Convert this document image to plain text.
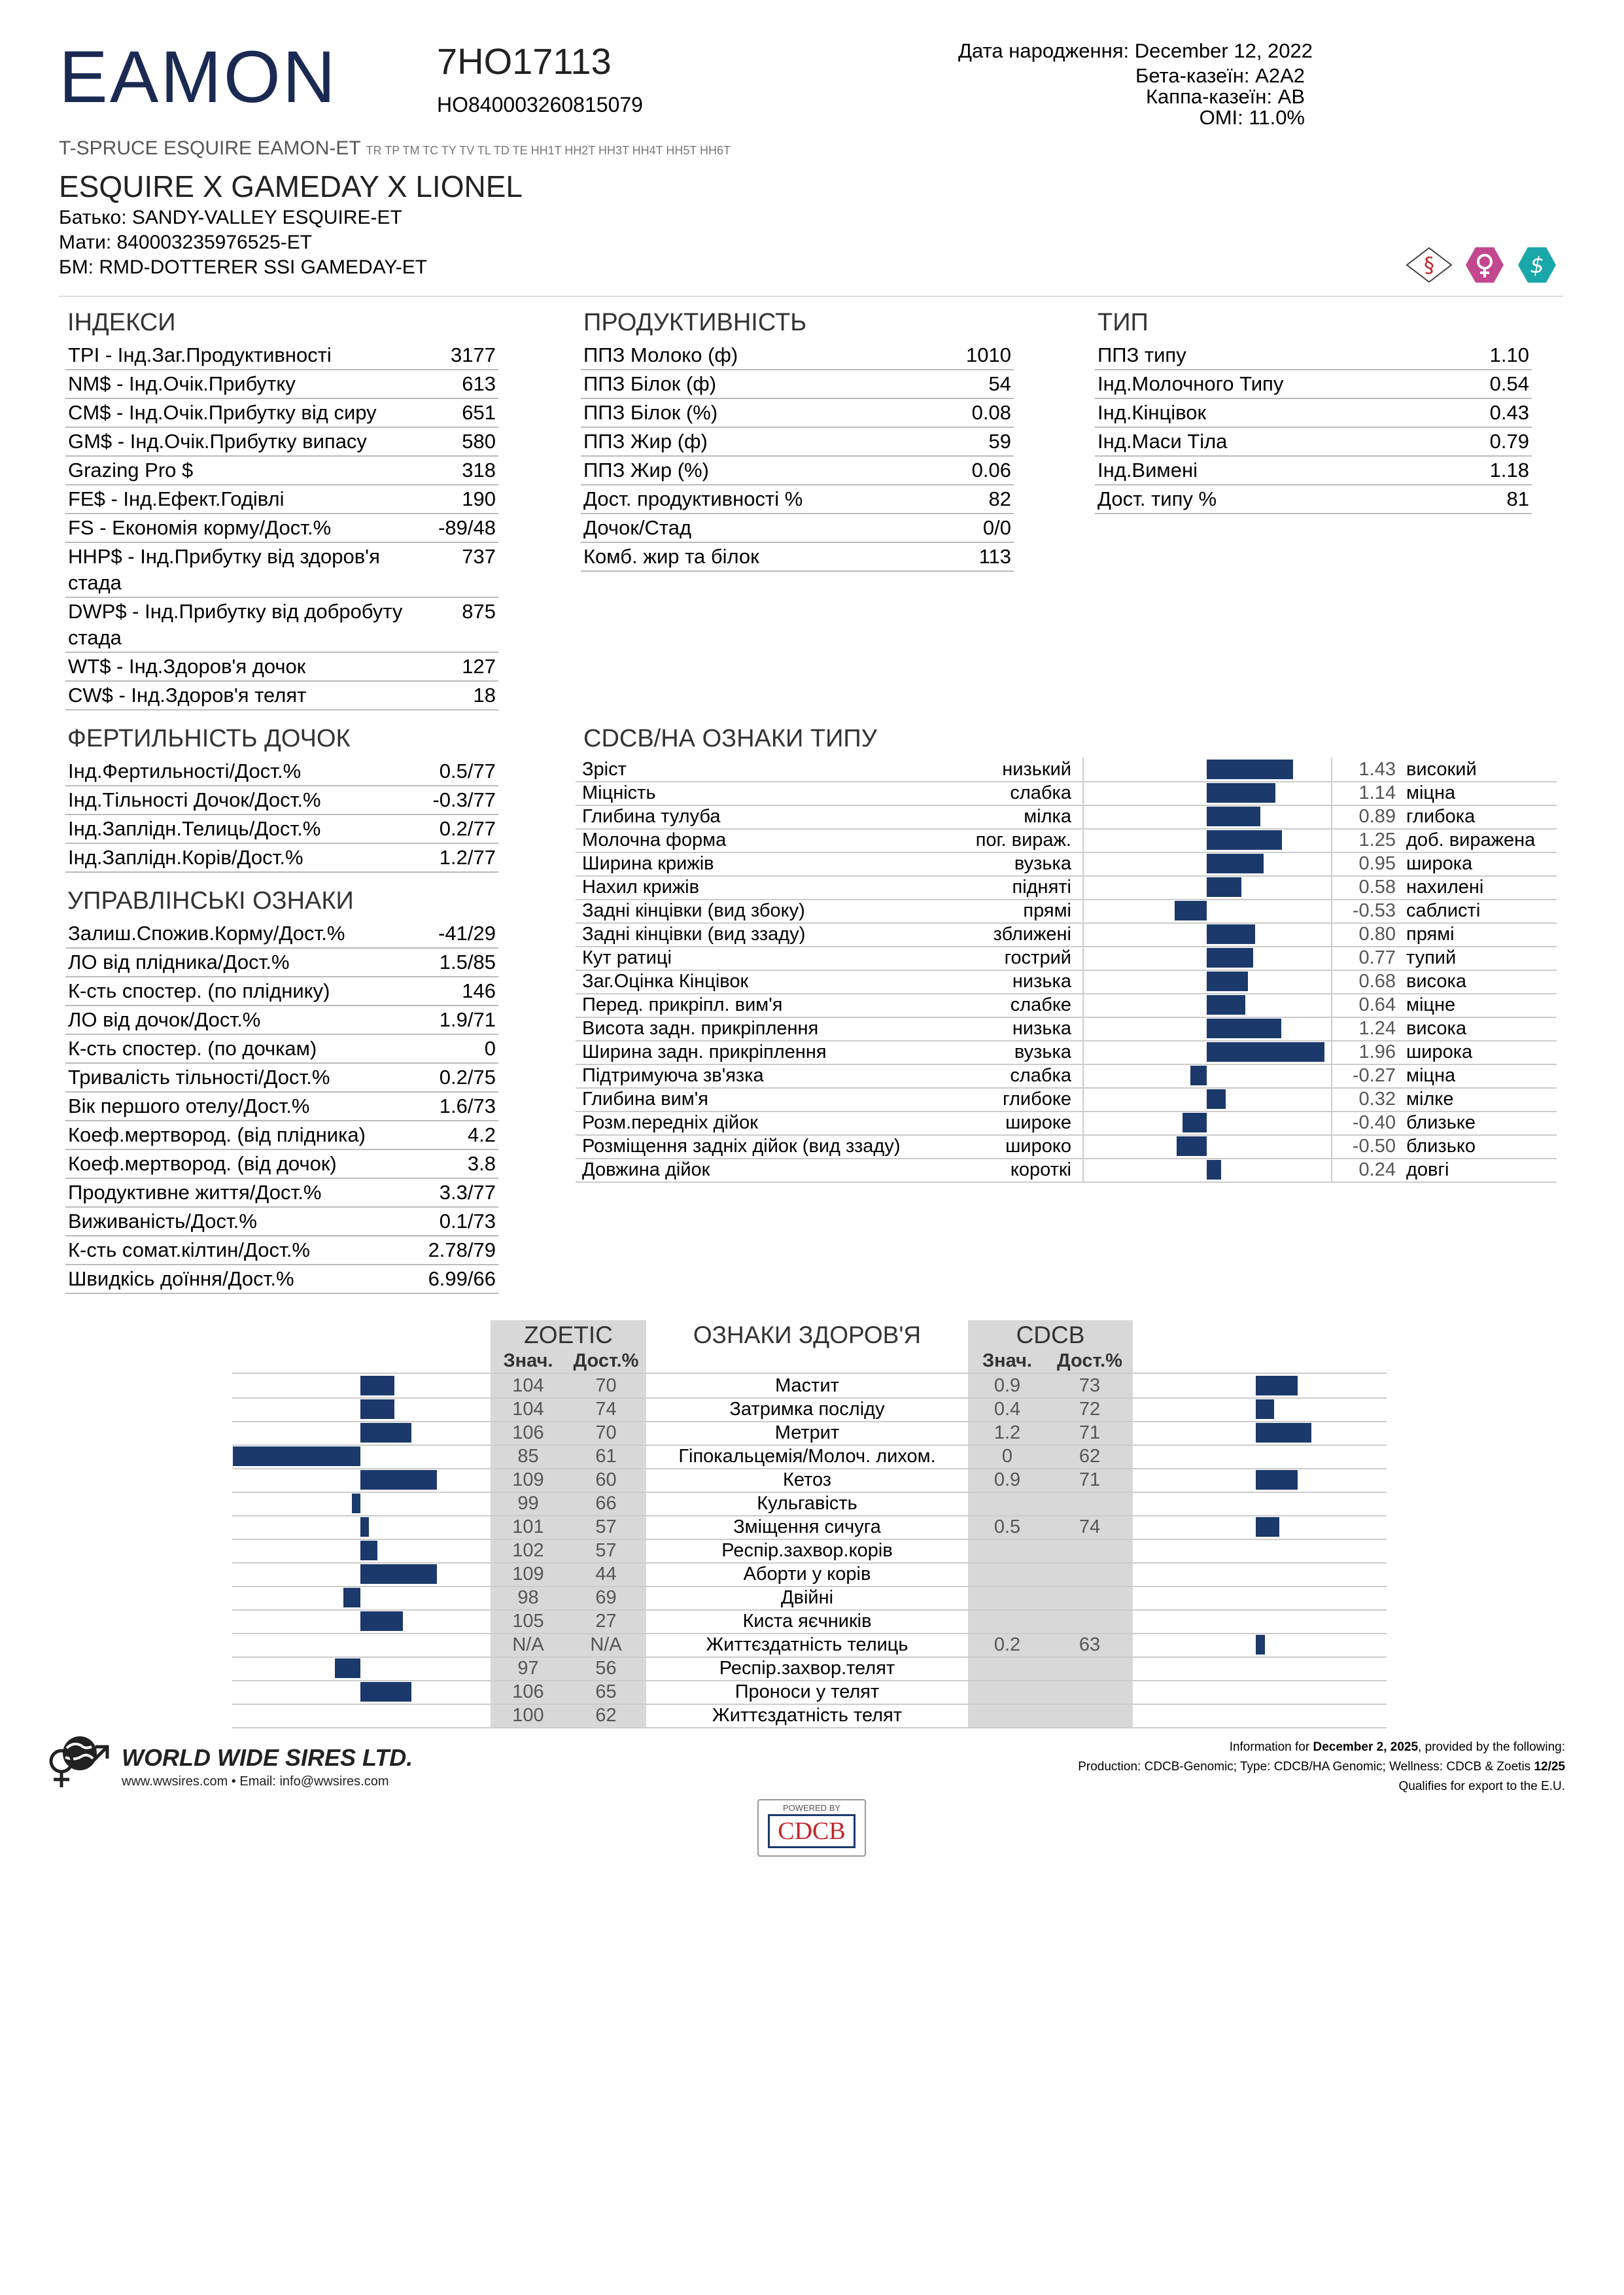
EAMON	7HO17113
HO840003260815079
T-SPRUCE ESQUIRE EAMON-ET TR TP TM TC TY TV TL TD TE HH1T HH2T HH3T HH4T HH5T HH6T
ESQUIRE X GAMEDAY X LIONEL
Батько: SANDY-VALLEY ESQUIRE-ET
Мати: 840003235976525-ET
БМ: RMD-DOTTERER SSI GAMEDAY-ET
Дата народження: December 12, 2022
Бета-казеїн: A2A2
Каппа-казеїн: AB
OMI: 11.0%
§	$
ІНДЕКСИ
TPI - Інд.Заг.Продуктивності	3177
NM$ - Інд.Очік.Прибутку	613
CM$ - Інд.Очік.Прибутку від сиру	651
GM$ - Інд.Очік.Прибутку випасу	580
Grazing Pro $	318
FE$ - Інд.Ефект.Годівлі	190
FS - Економія корму/Дост.%	-89/48
HHP$ - Інд.Прибутку від здоров'я стада	737
DWP$ - Інд.Прибутку від добробуту стада	875
WT$ - Інд.Здоров'я дочок	127
CW$ - Інд.Здоров'я телят	18
ПРОДУКТИВНІСТЬ
ППЗ Молоко (ф)	1010
ППЗ Білок (ф)	54
ППЗ Білок (%)	0.08
ППЗ Жир (ф)	59
ППЗ Жир (%)	0.06
Дост. продуктивності %	82
Дочок/Стад	0/0
Комб. жир та білок	113
ТИП
ППЗ типу	1.10
Інд.Молочного Типу	0.54
Інд.Кінцівок	0.43
Інд.Маси Тіла	0.79
Інд.Вимені	1.18
Дост. типу %	81
ФЕРТИЛЬНІСТЬ ДОЧОК
Інд.Фертильності/Дост.%	0.5/77
Інд.Тільності Дочок/Дост.%	-0.3/77
Інд.Заплідн.Телиць/Дост.%	0.2/77
Інд.Заплідн.Корів/Дост.%	1.2/77
УПРАВЛІНСЬКІ ОЗНАКИ
Залиш.Спожив.Корму/Дост.%	-41/29
ЛО від плідника/Дост.%	1.5/85
К-сть спостер. (по пліднику)	146
ЛО від дочок/Дост.%	1.9/71
К-сть спостер. (по дочкам)	0
Тривалість тільності/Дост.%	0.2/75
Вік першого отелу/Дост.%	1.6/73
Коеф.мертвород. (від плідника)	4.2
Коеф.мертвород. (від дочок)	3.8
Продуктивне життя/Дост.%	3.3/77
Виживаність/Дост.%	0.1/73
К-сть сомат.кілтин/Дост.%	2.78/79
Швидкісь доїння/Дост.%	6.99/66
CDCB/НА ОЗНАКИ ТИПУ
Зріст	низький	1.43 високий
Міцність	слабка	1.14 міцна
Глибина тулуба	мілка	0.89 глибока
Молочна форма	пог. вираж.	1.25 доб. виражена
Ширина крижів	вузька	0.95 широка
Нахил крижів	підняті	0.58 нахилені
Задні кінцівки (вид збоку)	прямі	-0.53 саблисті
Задні кінцівки (вид ззаду)	зближені	0.80 прямі
Кут ратиці	гострий	0.77 тупий
Заг.Оцінка Кінцівок	низька	0.68 висока
Перед. прикріпл. вим'я	слабке	0.64 міцне
Висота задн. прикріплення	низька	1.24 висока
Ширина задн. прикріплення	вузька	1.96 широка
Підтримуюча зв'язка	слабка	-0.27 міцна
Глибина вим'я	глибоке	0.32 мілке
Розм.передніх дійок	широке	-0.40 близьке
Розміщення задніх дійок (вид ззаду)	широко	-0.50 близько
Довжина дійок	короткі	0.24 довгі
ZOETIC	ОЗНАКИ ЗДОРОВ'Я	CDCB
Знач.	Дост.%	Знач.	Дост.%
104	70	Мастит	0.9	73
104	74	Затримка посліду	0.4	72
106	70	Метрит	1.2	71
85	61	Гіпокальцемія/Молоч. лихом.	0	62
109	60	Кетоз	0.9	71
99	66	Кульгавість
101	57	Зміщення сичуга	0.5	74
102	57	Респір.захвор.корів
109	44	Аборти у корів
98	69	Двійні
105	27	Киста яєчників
N/A	N/A	Життєздатність телиць	0.2	63
97	56	Респір.захвор.телят
106	65	Проноси у телят
100	62	Життєздатність телят
WORLD WIDE SIRES LTD.
www.wwsires.com • Email: info@wwsires.com
Information for December 2, 2025, provided by the following:
Production: CDCB-Genomic; Type: CDCB/HA Genomic; Wellness: CDCB & Zoetis 12/25
Qualifies for export to the E.U.
POWERED BY
CDCB
